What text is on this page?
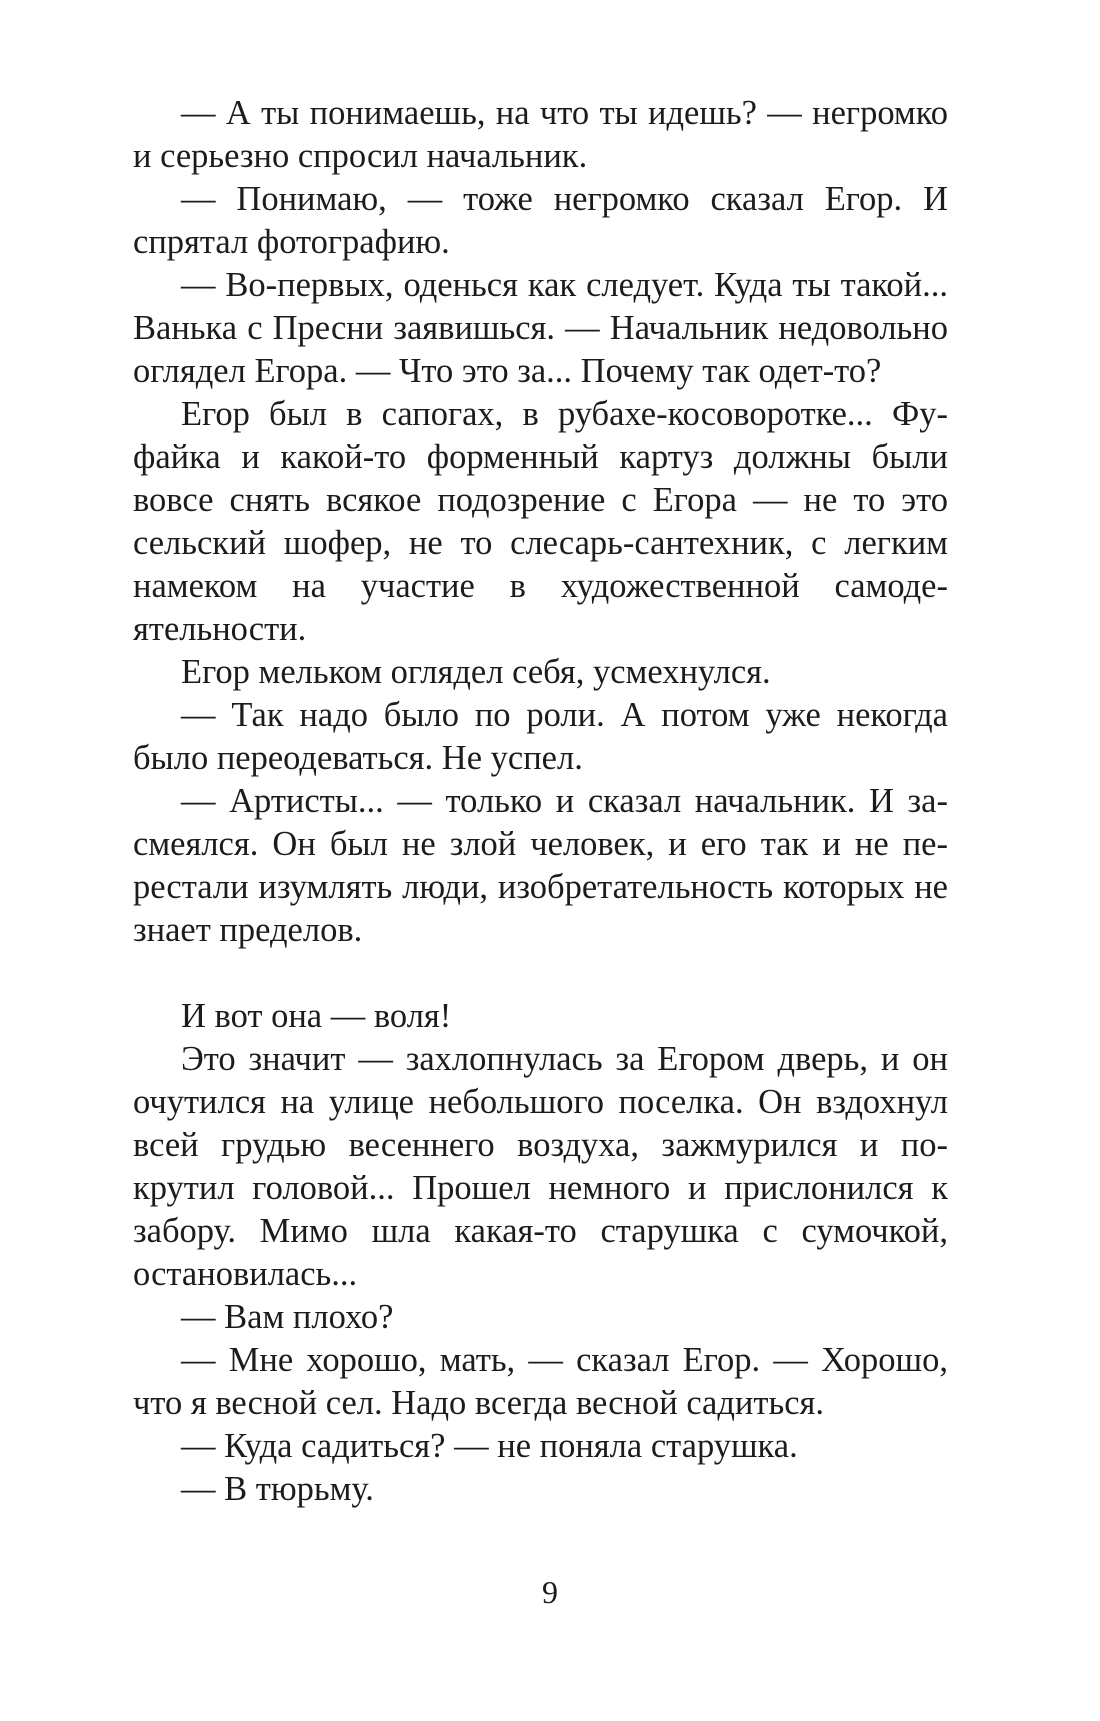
— А ты понимаешь, на что ты идешь? — негромко и серьезно спросил начальник.

— Понимаю, — тоже негромко сказал Егор. И спрятал фотографию.

— Во-первых, оденься как следует. Куда ты такой... Ванька с Пресни заявишься. — Начальник недовольно оглядел Егора. — Что это за... Почему так одет-то?

Егор был в сапогах, в рубахе-косоворотке... Фуфайка и какой-то форменный картуз должны были вовсе снять всякое подозрение с Егора — не то это сельский шофер, не то слесарь-сантехник, с легким намеком на участие в художественной самодеятельности.

Егор мельком оглядел себя, усмехнулся.

— Так надо было по роли. А потом уже некогда было переодеваться. Не успел.

— Артисты... — только и сказал начальник. И засмеялся. Он был не злой человек, и его так и не перестали изумлять люди, изобретательность которых не знает пределов.

И вот она — воля!

Это значит — захлопнулась за Егором дверь, и он очутился на улице небольшого поселка. Он вздохнул всей грудью весеннего воздуха, зажмурился и покрутил головой... Прошел немного и прислонился к забору. Мимо шла какая-то старушка с сумочкой, остановилась...

— Вам плохо?

— Мне хорошо, мать, — сказал Егор. — Хорошо, что я весной сел. Надо всегда весной садиться.

— Куда садиться? — не поняла старушка.

— В тюрьму.

9
